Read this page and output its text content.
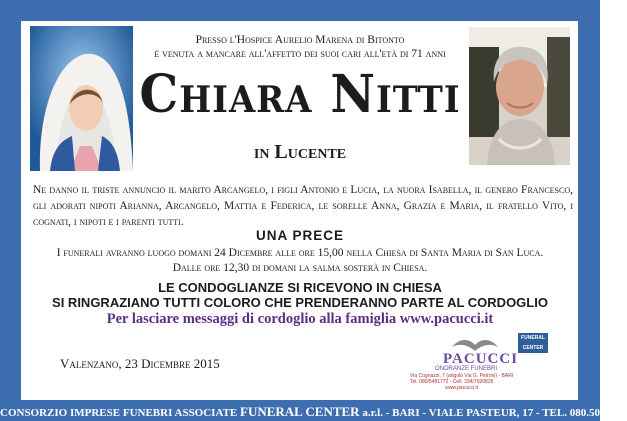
Presso l'Hospice Aurelio Marena di Bitonto
è venuta a mancare all'affetto dei suoi cari all'età di 71 anni
Chiara Nitti
in Lucente
Ne danno il triste annuncio il marito Arcangelo, i figli Antonio e Lucia, la nuora Isabella, il genero Francesco, gli adorati nipoti Arianna, Arcangelo, Mattia e Federica, le sorelle Anna, Grazia e Maria, il fratello Vito, i cognati, i nipoti e i parenti tutti.
UNA PRECE
I funerali avranno luogo domani 24 Dicembre alle ore 15,00 nella Chiesa di Santa Maria di San Luca.
Dalle ore 12,30 di domani la salma sosterà in Chiesa.
LE CONDOGLIANZE SI RICEVONO IN CHIESA
SI RINGRAZIANO TUTTI COLORO CHE PRENDERANNO PARTE AL CORDOGLIO
Per lasciare messaggi di cordoglio alla famiglia www.pacucci.it
Valenzano, 23 Dicembre 2015
FUNERAL CENTER
PACUCCI
ONORANZE FUNEBRI
Via Cognazzi, 7 (angolo Via G. Petroni) - BARI
Tel. 080/5481772 - Cell. 334/7920826
www.pacucci.it
CONSORZIO IMPRESE FUNEBRI ASSOCIATE FUNERAL CENTER a.r.l. - BARI - VIALE PASTEUR, 17 - TEL. 080.5043556
